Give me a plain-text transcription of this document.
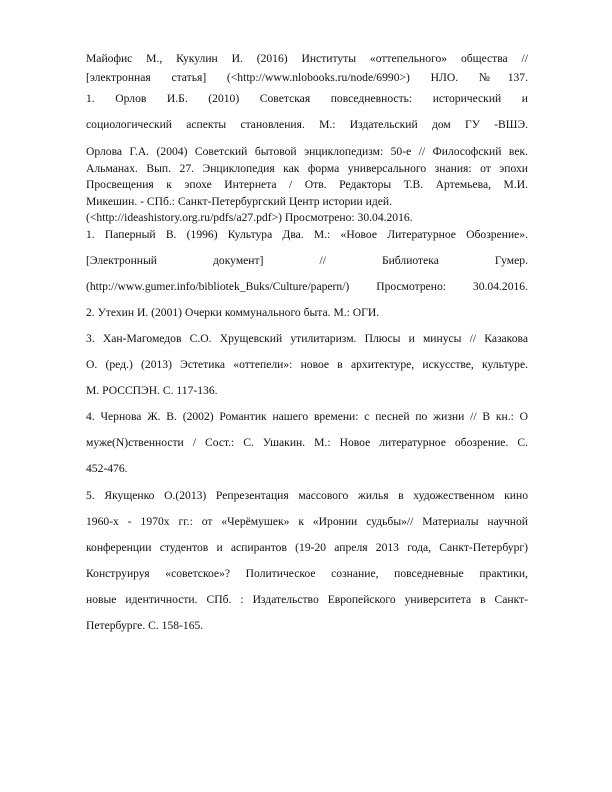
Майофис М., Кукулин И. (2016) Институты «оттепельного» общества //
[электронная статья] (<http://www.nlobooks.ru/node/6990>) НЛО. №137.
1. Орлов И.Б. (2010) Советская повседневность: исторический и
социологический аспекты становления. М.: Издательский дом ГУ -ВШЭ.
Орлова Г.А. (2004) Советский бытовой энциклопедизм: 50-е // Философский век.
Альманах. Вып. 27. Энциклопедия как форма универсального знания: от эпохи
Просвещения к эпохе Интернета / Отв. Редакторы Т.В. Артемьева, М.И.
Микешин. - СПб.: Санкт-Петербургский Центр истории идей.
(<http://ideashistory.org.ru/pdfs/a27.pdf>) Просмотрено: 30.04.2016.
1. Паперный В. (1996) Культура Два. М.: «Новое Литературное Обозрение».
[Электронный документ] // Библиотека Гумер.
(http://www.gumer.info/bibliotek_Buks/Culture/papern/) Просмотрено: 30.04.2016.
2. Утехин И. (2001) Очерки коммунального быта. М.: ОГИ.
3. Хан-Магомедов С.О. Хрущевский утилитаризм. Плюсы и минусы // Казакова
О. (ред.) (2013) Эстетика «оттепели»: новое в архитектуре, искусстве, культуре.
М. РОССПЭН. С. 117-136.
4. Чернова Ж. В. (2002) Романтик нашего времени: с песней по жизни // В кн.: О
муже(N)ственности / Сост.: С. Ушакин. М.: Новое литературное обозрение. С.
452-476.
5. Якущенко О.(2013) Репрезентация массового жилья в художественном кино
1960-х - 1970х гг.: от «Черёмушек» к «Иронии судьбы»// Материалы научной
конференции студентов и аспирантов (19-20 апреля 2013 года, Санкт-Петербург)
Конструируя «советское»? Политическое сознание, повседневные практики,
новые идентичности. СПб. : Издательство Европейского университета в Санкт-
Петербурге. С. 158-165.
